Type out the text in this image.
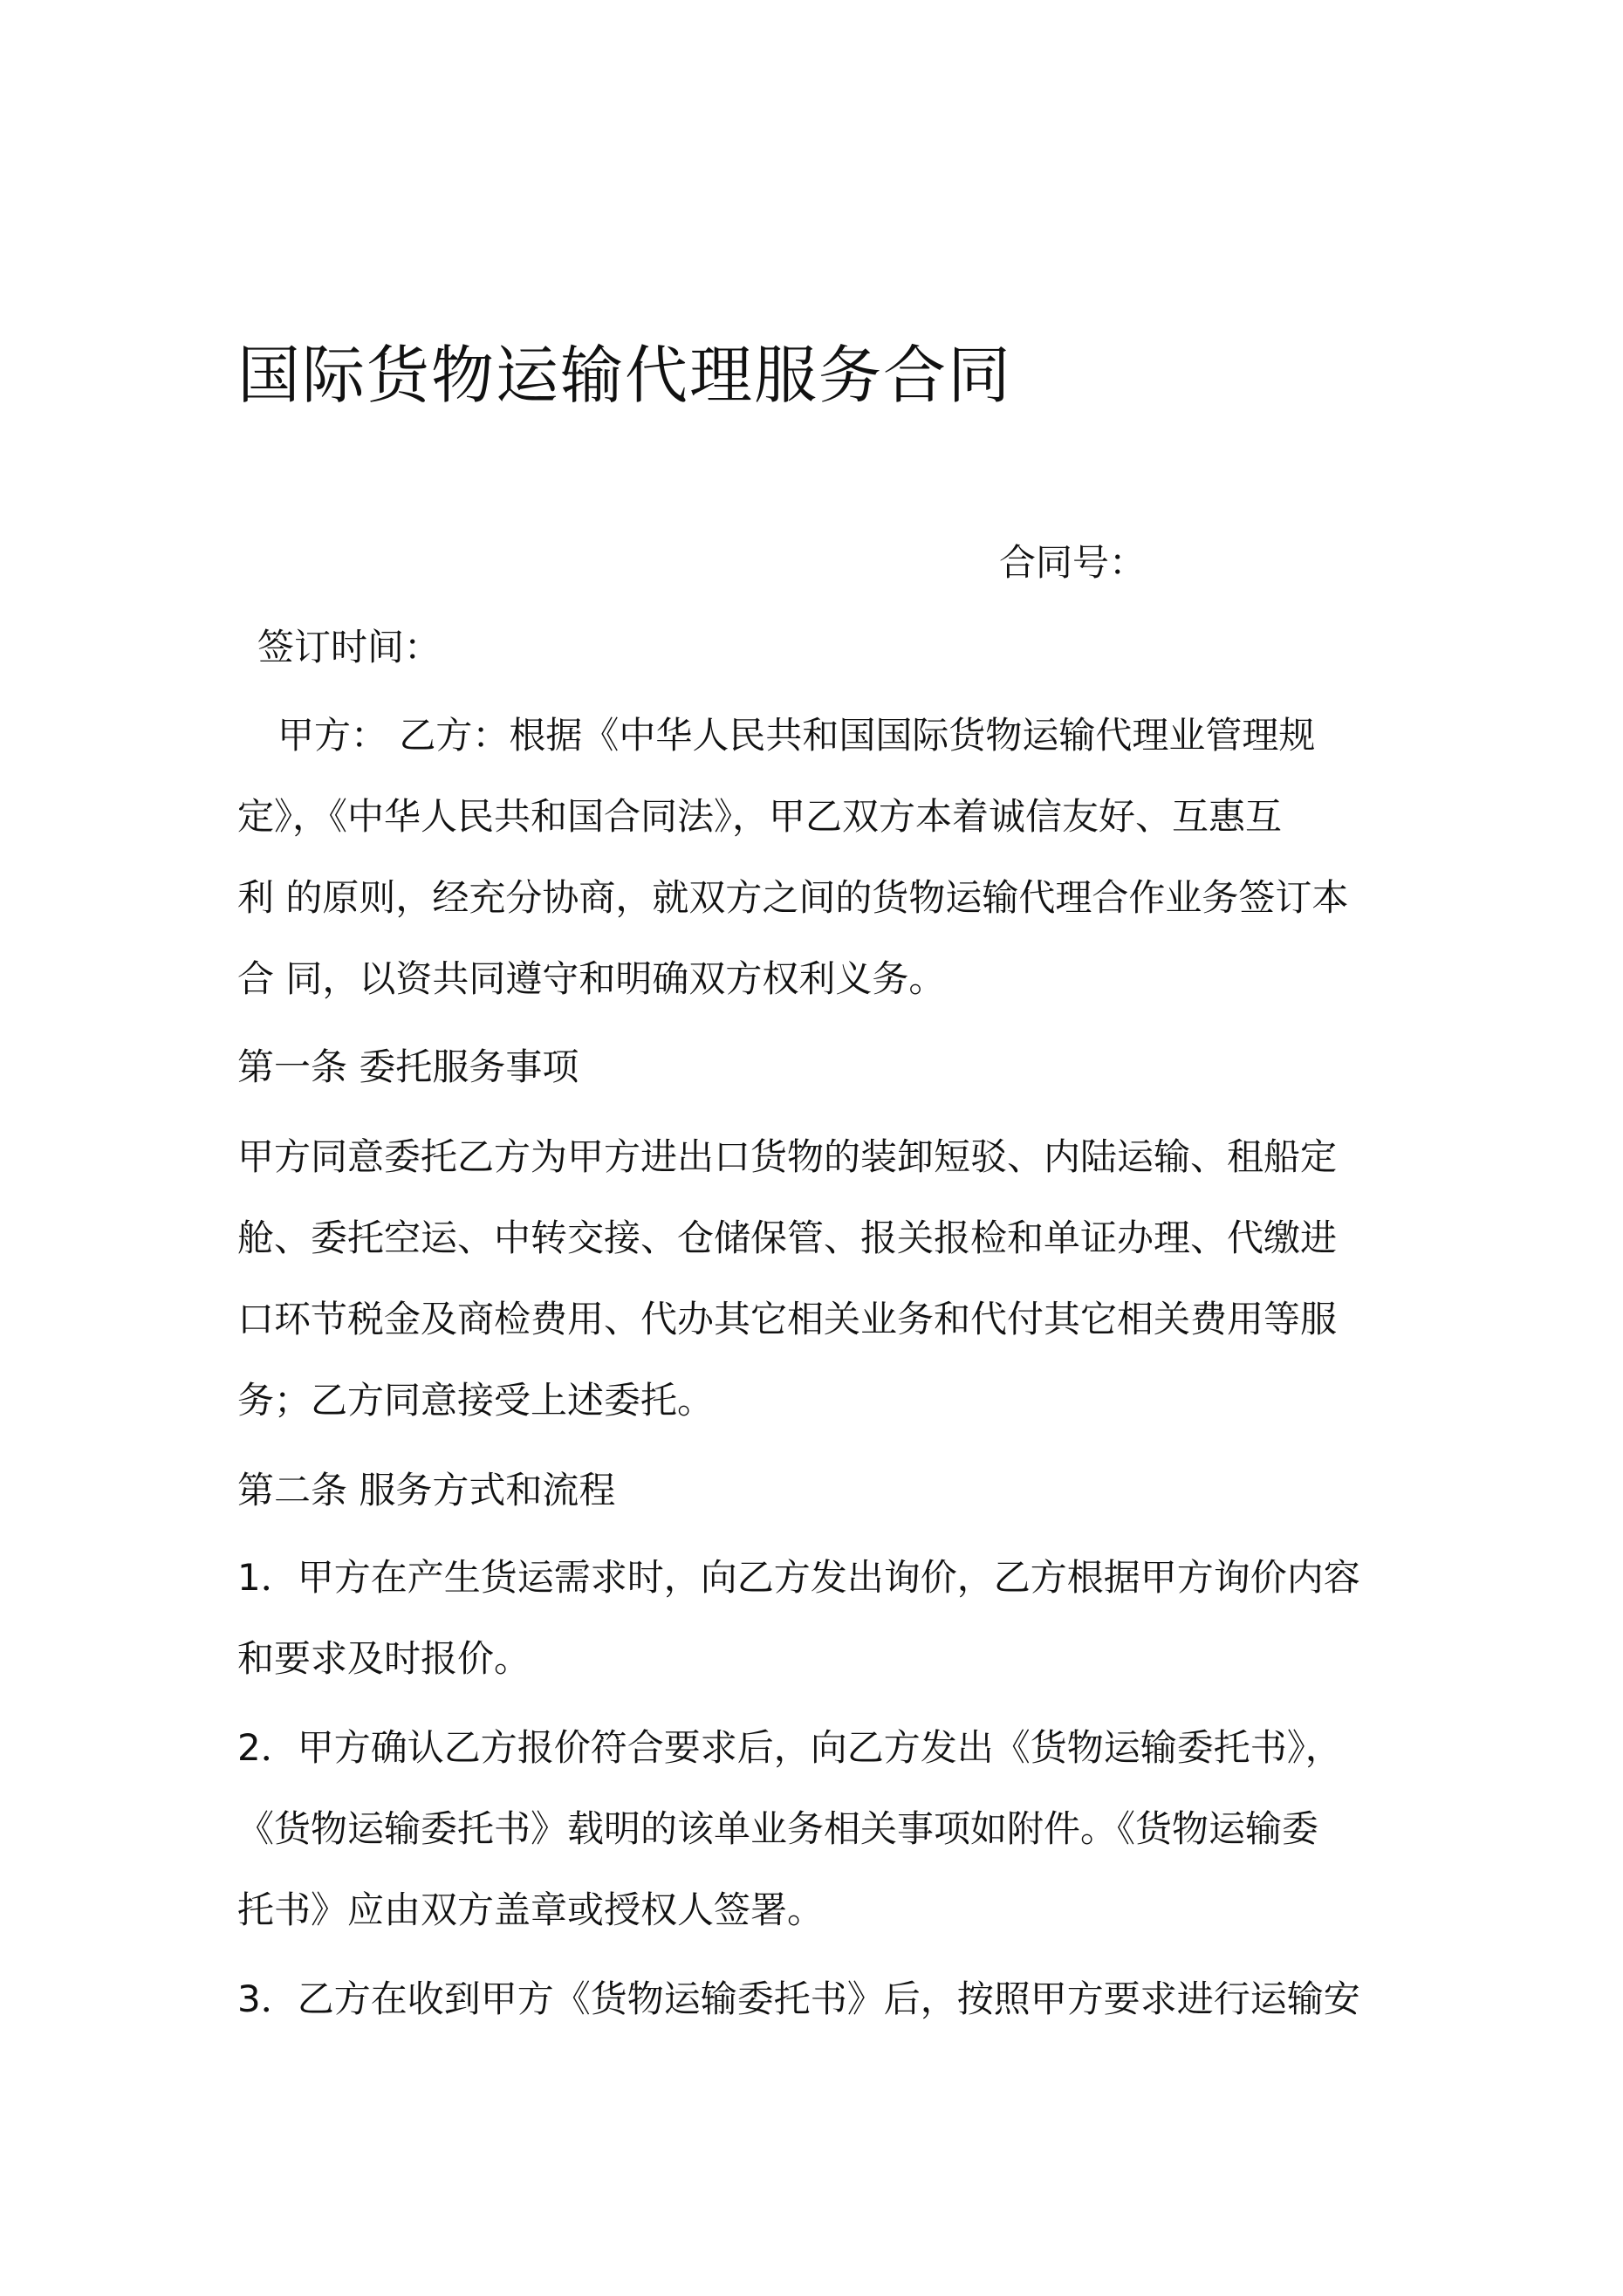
国际货物运输代理服务合同
合同号：
签订时间：
甲方： 乙方：根据《中华人民共和国国际货物运输代理业管理规
定》，《中华人民共和国合同法》，甲乙双方本着诚信友好、互惠互
利 的原则，经充分协商，就双方之间的货物运输代理合作业务签订本
合 同，以资共同遵守和明确双方权利义务。
第一条 委托服务事项
甲方同意委托乙方为甲方进出口货物的装卸短驳、内陆运输、租船定
舱、委托空运、中转交接、仓储保管、报关报检和单证办理、代缴进
口环节税金及商检费用、代办其它相关业务和代付其它相关费用等服
务；乙方同意接受上述委托。
第二条 服务方式和流程
1．甲方在产生货运需求时，向乙方发出询价，乙方根据甲方询价内容
和要求及时报价。
2．甲方确认乙方报价符合要求后，向乙方发出《货物运输委托书》，
《货物运输委托书》载明的该单业务相关事项如附件。《货物运输委
托书》应由双方盖章或授权人签署。
3．乙方在收到甲方《货物运输委托书》后，按照甲方要求进行运输安
